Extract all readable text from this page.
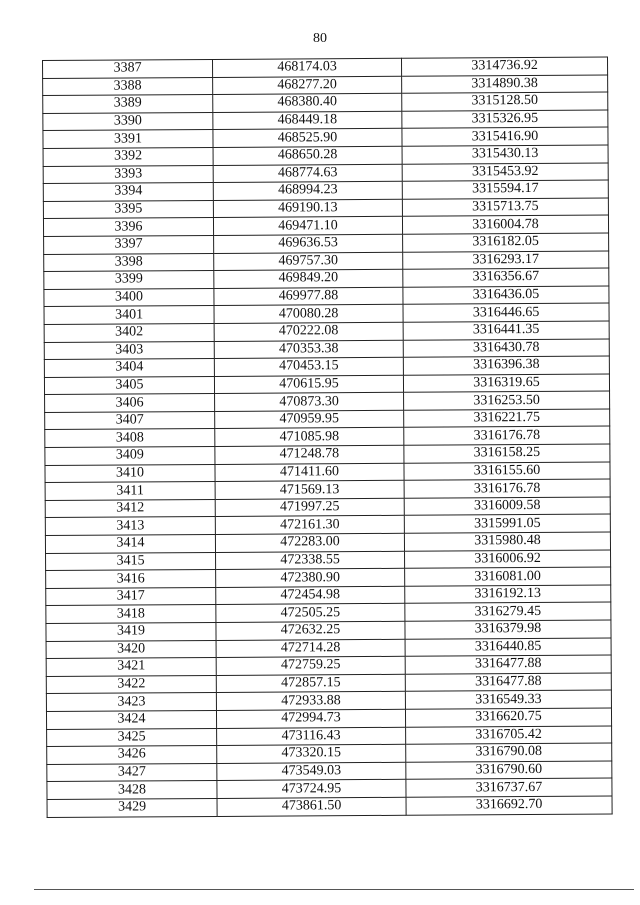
80
3387	468174.03	3314736.92
3388	468277.20	3314890.38
3389	468380.40	3315128.50
3390	468449.18	3315326.95
3391	468525.90	3315416.90
3392	468650.28	3315430.13
3393	468774.63	3315453.92
3394	468994.23	3315594.17
3395	469190.13	3315713.75
3396	469471.10	3316004.78
3397	469636.53	3316182.05
3398	469757.30	3316293.17
3399	469849.20	3316356.67
3400	469977.88	3316436.05
3401	470080.28	3316446.65
3402	470222.08	3316441.35
3403	470353.38	3316430.78
3404	470453.15	3316396.38
3405	470615.95	3316319.65
3406	470873.30	3316253.50
3407	470959.95	3316221.75
3408	471085.98	3316176.78
3409	471248.78	3316158.25
3410	471411.60	3316155.60
3411	471569.13	3316176.78
3412	471997.25	3316009.58
3413	472161.30	3315991.05
3414	472283.00	3315980.48
3415	472338.55	3316006.92
3416	472380.90	3316081.00
3417	472454.98	3316192.13
3418	472505.25	3316279.45
3419	472632.25	3316379.98
3420	472714.28	3316440.85
3421	472759.25	3316477.88
3422	472857.15	3316477.88
3423	472933.88	3316549.33
3424	472994.73	3316620.75
3425	473116.43	3316705.42
3426	473320.15	3316790.08
3427	473549.03	3316790.60
3428	473724.95	3316737.67
3429	473861.50	3316692.70
